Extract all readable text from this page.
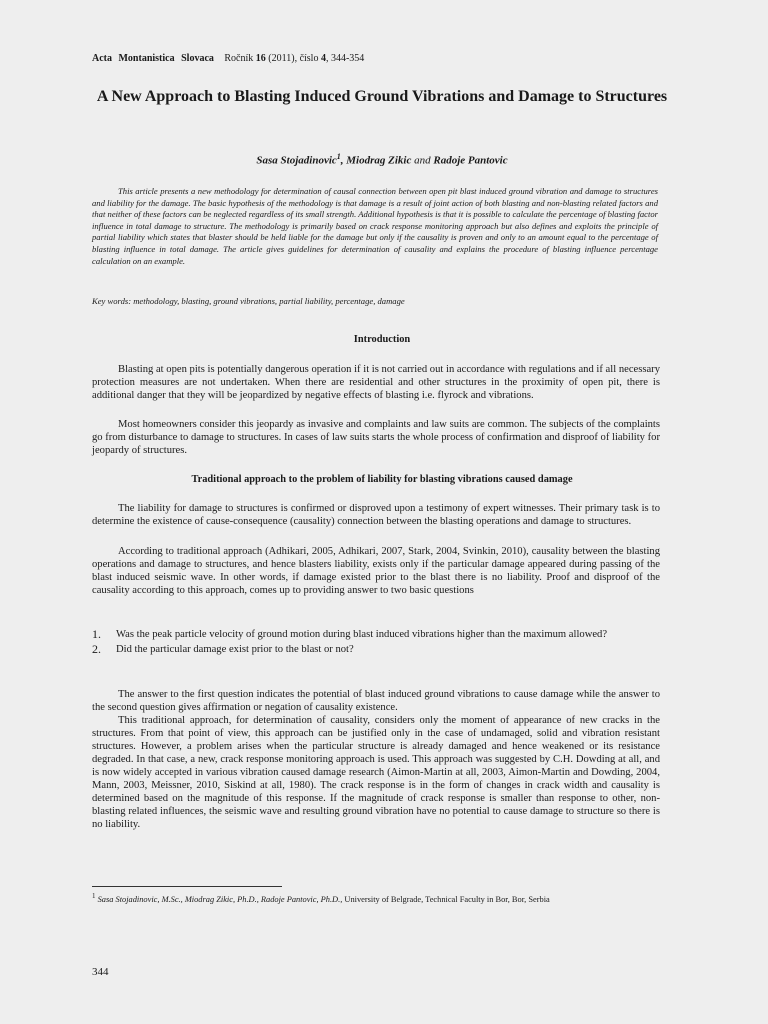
Acta Montanistica Slovaca Ročník 16 (2011), číslo 4, 344-354
A New Approach to Blasting Induced Ground Vibrations and Damage to Structures
Sasa Stojadinovic$^1$, Miodrag Zikic and Radoje Pantovic
This article presents a new methodology for determination of causal connection between open pit blast induced ground vibration and damage to structures and liability for the damage. The basic hypothesis of the methodology is that damage is a result of joint action of both blasting and non-blasting related factors and that neither of these factors can be neglected regardless of its small strength. Additional hypothesis is that it is possible to calculate the percentage of blasting factor influence in total damage to structure. The methodology is primarily based on crack response monitoring approach but also defines and exploits the principle of partial liability which states that blaster should be held liable for the damage but only if the causality is proven and only to an amount equal to the percentage of blasting influence in total damage. The article gives guidelines for determination of causality and explains the procedure of blasting influence percentage calculation on an example.
Key words: methodology, blasting, ground vibrations, partial liability, percentage, damage
Introduction

Blasting at open pits is potentially dangerous operation if it is not carried out in accordance with regulations and if all necessary protection measures are not undertaken. When there are residential and other structures in the proximity of open pit, there is additional danger that they will be jeopardized by negative effects of blasting i.e. flyrock and vibrations.

Most homeowners consider this jeopardy as invasive and complaints and law suits are common. The subjects of the complaints go from disturbance to damage to structures. In cases of law suits starts the whole process of confirmation and disproof of liability for jeopardy of structures.

Traditional approach to the problem of liability for blasting vibrations caused damage

The liability for damage to structures is confirmed or disproved upon a testimony of expert witnesses. Their primary task is to determine the existence of cause-consequence (causality) connection between the blasting operations and damage to structures.

According to traditional approach (Adhikari, 2005, Adhikari, 2007, Stark, 2004, Svinkin, 2010), causality between the blasting operations and damage to structures, and hence blasters liability, exists only if the particular damage appeared during passing of the blast induced seismic wave. In other words, if damage existed prior to the blast there is no liability. Proof and disproof of the causality according to this approach, comes up to providing answer to two basic questions

1.	Was the peak particle velocity of ground motion during blast induced vibrations higher than the maximum allowed?
2.	Did the particular damage exist prior to the blast or not?

The answer to the first question indicates the potential of blast induced ground vibrations to cause damage while the answer to the second question gives affirmation or negation of causality existence.

This traditional approach, for determination of causality, considers only the moment of appearance of new cracks in the structures. From that point of view, this approach can be justified only in the case of undamaged, solid and vibration resistant structures. However, a problem arises when the particular structure is already damaged and hence weakened or its resistance degraded. In that case, a new, crack response monitoring approach is used. This approach was suggested by C.H. Dowding at all, and is now widely accepted in various vibration caused damage research (Aimon-Martin at all, 2003, Aimon-Martin and Dowding, 2004, Mann, 2003, Meissner, 2010, Siskind at all, 1980). The crack response is in the form of changes in crack width and causality is determined based on the magnitude of this response. If the magnitude of crack response is smaller than response to other, non-blasting related influences, the seismic wave and resulting ground vibration have no potential to cause damage to structure so there is no liability.

$^1$ Sasa Stojadinovic, M.Sc., Miodrag Zikic, Ph.D., Radoje Pantovic, Ph.D., University of Belgrade, Technical Faculty in Bor, Bor, Serbia
344
